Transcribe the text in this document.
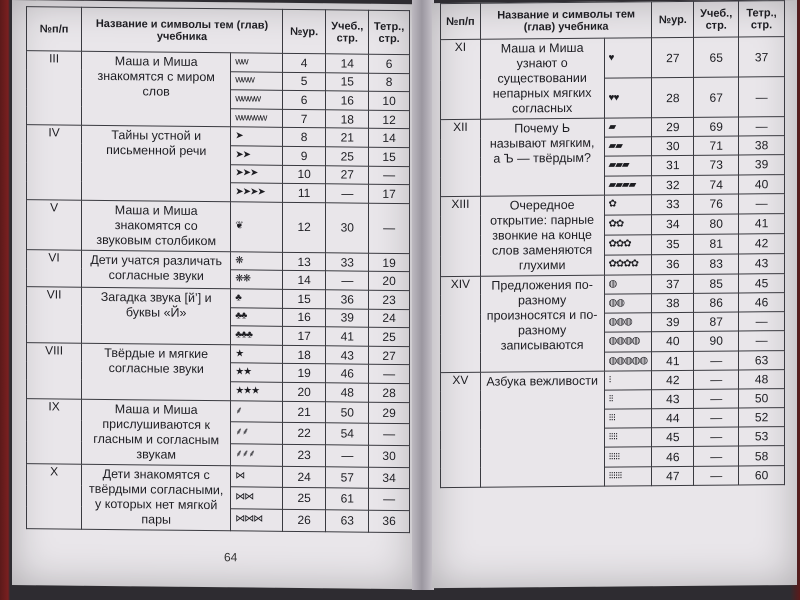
№п/п	Название и символы тем (глав) учебника		№ур.	Учеб., стр.	Тетр., стр.
III	Маша и Миша знакомятся с миром слов	ww	4	14	6
		www	5	15	8
		wwww	6	16	10
		wwwww	7	18	12
IV	Тайны устной и письменной речи	➤	8	21	14
		➤➤	9	25	15
		➤➤➤	10	27	—
		➤➤➤➤	11	—	17
V	Маша и Миша знакомятся со звуковым столбиком	❦	12	30	—
VI	Дети учатся различать согласные звуки	❋	13	33	19
		❋❋	14	—	20
VII	Загадка звука [й’] и буквы «Й»	♣	15	36	23
		♣♣	16	39	24
		♣♣♣	17	41	25
VIII	Твёрдые и мягкие согласные звуки	★	18	43	27
		★★	19	46	—
		★★★	20	48	28
IX	Маша и Миша прислушиваются к гласным и согласным звукам	⸙	21	50	29
		⸙⸙	22	54	—
		⸙⸙⸙	23	—	30
X	Дети знакомятся с твёрдыми согласными, у которых нет мягкой пары	⋈	24	57	34
		⋈⋈	25	61	—
		⋈⋈⋈	26	63	36
64
№п/п	Название и символы тем (глав) учебника		№ур.	Учеб., стр.	Тетр., стр.
XI	Маша и Миша узнают о существовании непарных мягких согласных	♥	27	65	37
		♥♥	28	67	—
XII	Почему Ь называют мягким, а Ъ — твёрдым?	▰	29	69	—
		▰▰	30	71	38
		▰▰▰	31	73	39
		▰▰▰▰	32	74	40
XIII	Очередное открытие: парные звонкие на конце слов заменяются глухими	✿	33	76	—
		✿✿	34	80	41
		✿✿✿	35	81	42
		✿✿✿✿	36	83	43
XIV	Предложения по-разному произносятся и по-разному записываются	◍	37	85	45
		◍◍	38	86	46
		◍◍◍	39	87	—
		◍◍◍◍	40	90	—
		◍◍◍◍◍	41	—	63
XV	Азбука вежливости	⁝	42	—	48
		⁝⁝	43	—	50
		⁝⁝⁝	44	—	52
		⁝⁝⁝⁝	45	—	53
		⁝⁝⁝⁝⁝	46	—	58
		⁝⁝⁝⁝⁝⁝	47	—	60
